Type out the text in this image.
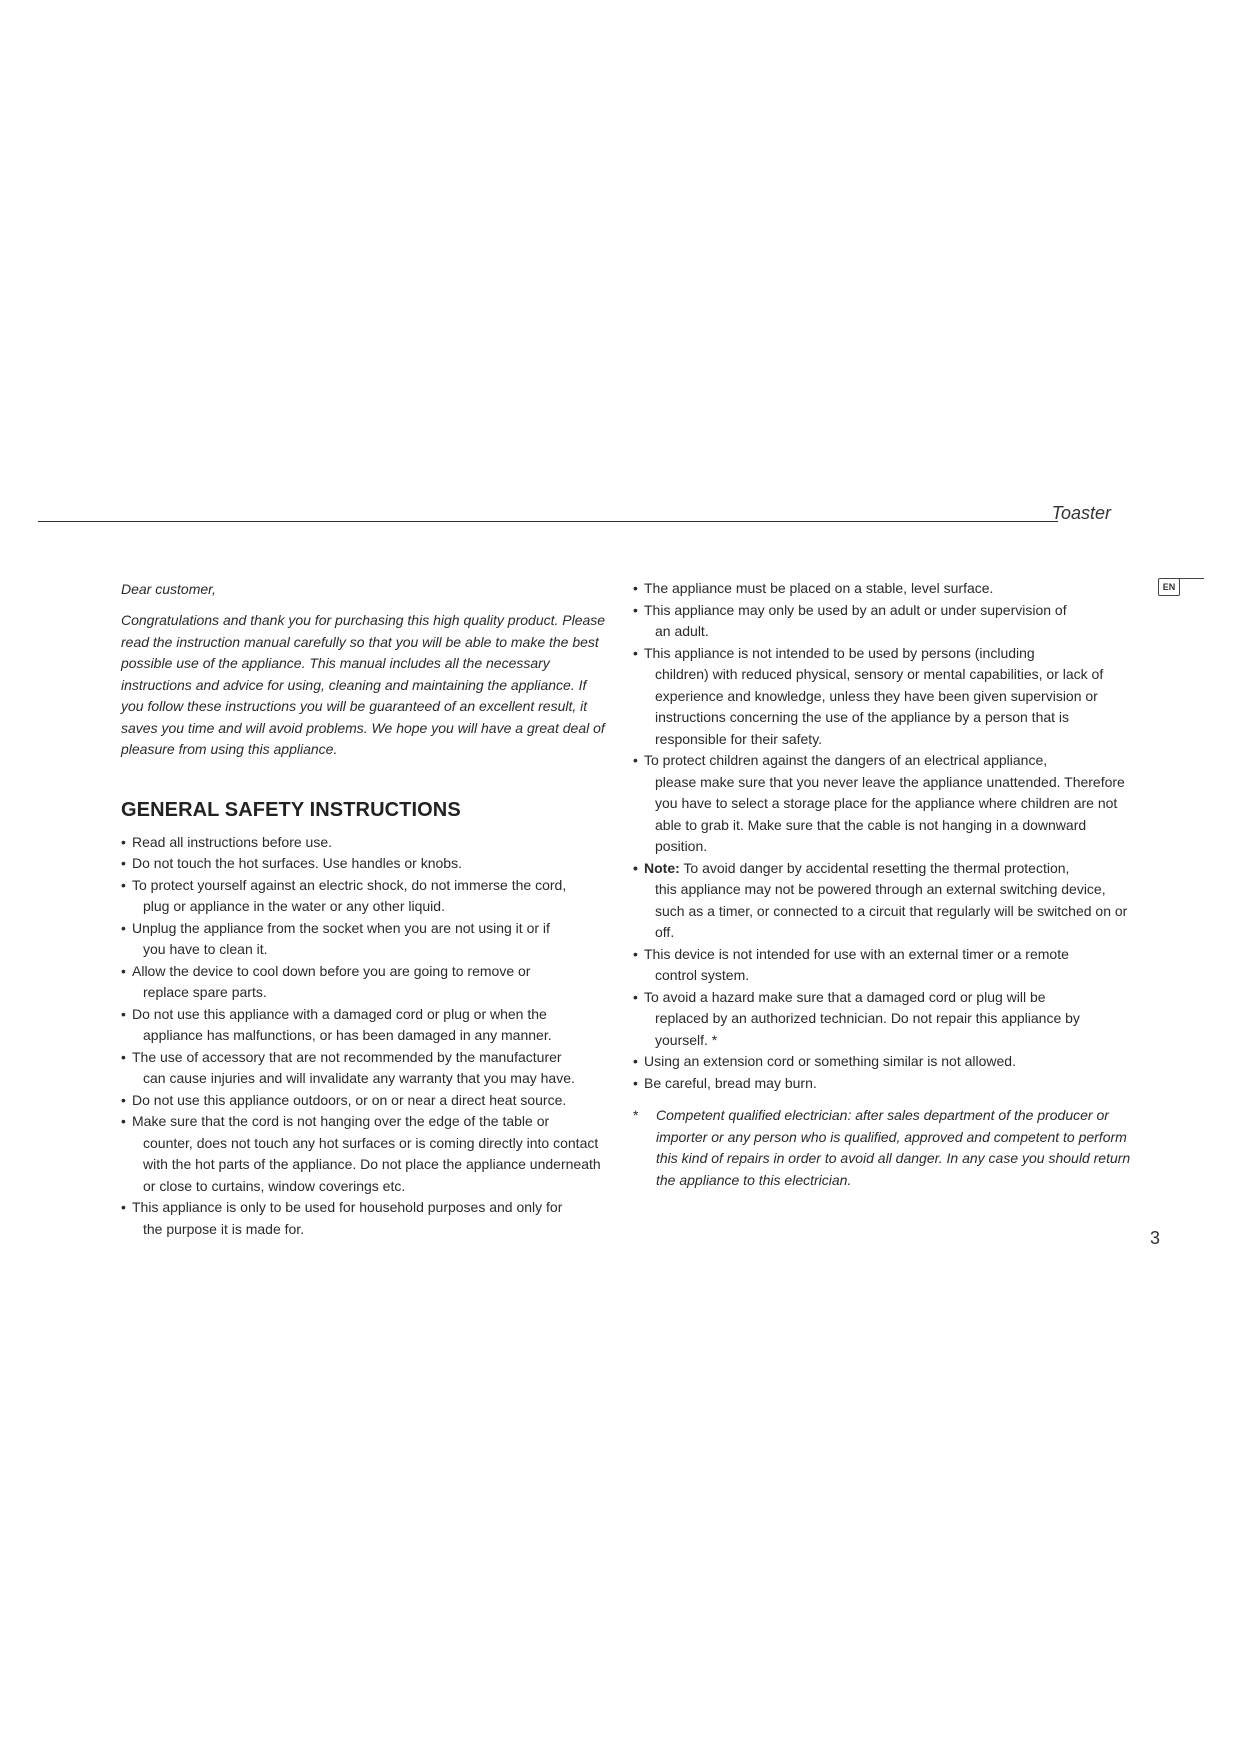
Toaster
EN

Dear customer,

Congratulations and thank you for purchasing this high quality product. Please read the instruction manual carefully so that you will be able to make the best possible use of the appliance. This manual includes all the necessary instructions and advice for using, cleaning and maintaining the appliance. If you follow these instructions you will be guaranteed of an excellent result, it saves you time and will avoid problems. We hope you will have a great deal of pleasure from using this appliance.

GENERAL SAFETY INSTRUCTIONS
• Read all instructions before use.
• Do not touch the hot surfaces. Use handles or knobs.
• To protect yourself against an electric shock, do not immerse the cord,
plug or appliance in the water or any other liquid.
• Unplug the appliance from the socket when you are not using it or if
you have to clean it.
• Allow the device to cool down before you are going to remove or
replace spare parts.
• Do not use this appliance with a damaged cord or plug or when the
appliance has malfunctions, or has been damaged in any manner.
• The use of accessory that are not recommended by the manufacturer
can cause injuries and will invalidate any warranty that you may have.
• Do not use this appliance outdoors, or on or near a direct heat source.
• Make sure that the cord is not hanging over the edge of the table or
counter, does not touch any hot surfaces or is coming directly into contact with the hot parts of the appliance. Do not place the appliance underneath or close to curtains, window coverings etc.
• This appliance is only to be used for household purposes and only for
the purpose it is made for.
• The appliance must be placed on a stable, level surface.
• This appliance may only be used by an adult or under supervision of
an adult.
• This appliance is not intended to be used by persons (including
children) with reduced physical, sensory or mental capabilities, or lack of experience and knowledge, unless they have been given supervision or instructions concerning the use of the appliance by a person that is responsible for their safety.
• To protect children against the dangers of an electrical appliance,
please make sure that you never leave the appliance unattended. Therefore you have to select a storage place for the appliance where children are not able to grab it. Make sure that the cable is not hanging in a downward position.
• Note: To avoid danger by accidental resetting the thermal protection,
this appliance may not be powered through an external switching device, such as a timer, or connected to a circuit that regularly will be switched on or off.
• This device is not intended for use with an external timer or a remote
control system.
• To avoid a hazard make sure that a damaged cord or plug will be
replaced by an authorized technician. Do not repair this appliance by yourself. *
• Using an extension cord or something similar is not allowed.
• Be careful, bread may burn.
* Competent qualified electrician: after sales department of the producer or importer or any person who is qualified, approved and competent to perform this kind of repairs in order to avoid all danger. In any case you should return the appliance to this electrician.
3
